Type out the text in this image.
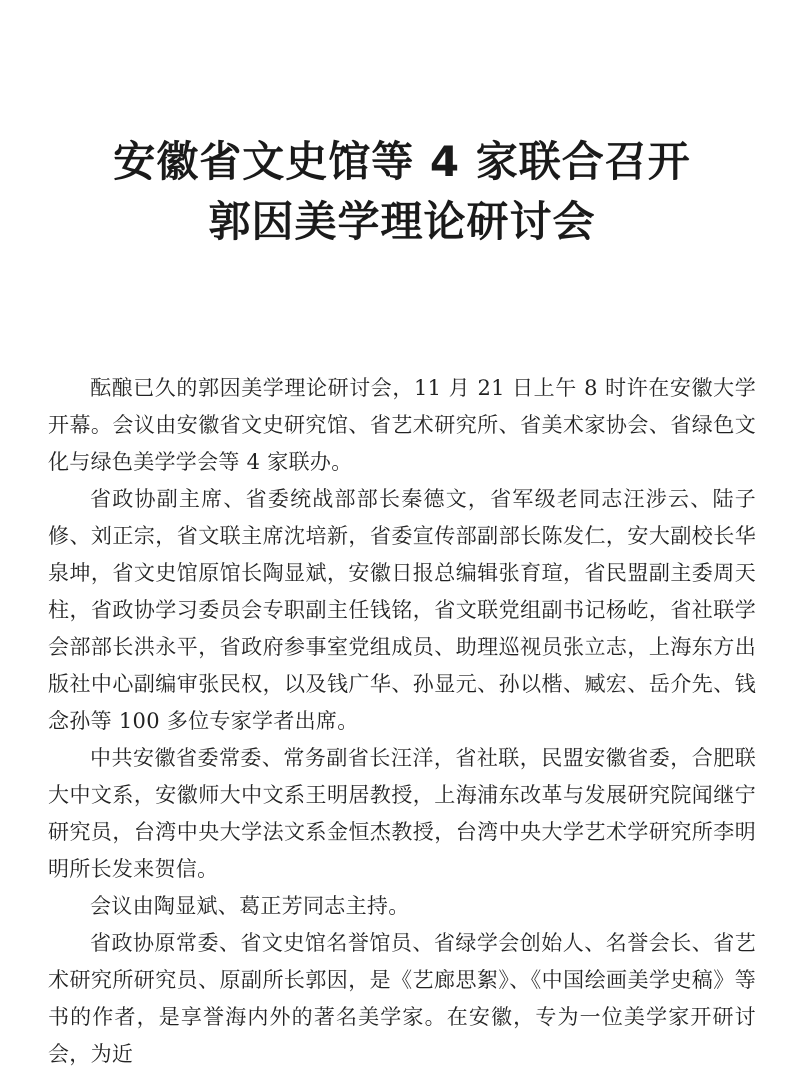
安徽省文史馆等 4 家联合召开
郭因美学理论研讨会

酝酿已久的郭因美学理论研讨会，11 月 21 日上午 8 时许在安徽大学开幕。会议由安徽省文史研究馆、省艺术研究所、省美术家协会、省绿色文化与绿色美学学会等 4 家联办。

省政协副主席、省委统战部部长秦德文，省军级老同志汪涉云、陆子修、刘正宗，省文联主席沈培新，省委宣传部副部长陈发仁，安大副校长华泉坤，省文史馆原馆长陶显斌，安徽日报总编辑张育瑄，省民盟副主委周天柱，省政协学习委员会专职副主任钱铭，省文联党组副书记杨屹，省社联学会部部长洪永平，省政府参事室党组成员、助理巡视员张立志，上海东方出版社中心副编审张民权，以及钱广华、孙显元、孙以楷、臧宏、岳介先、钱念孙等 100 多位专家学者出席。

中共安徽省委常委、常务副省长汪洋，省社联，民盟安徽省委，合肥联大中文系，安徽师大中文系王明居教授，上海浦东改革与发展研究院闻继宁研究员，台湾中央大学法文系金恒杰教授，台湾中央大学艺术学研究所李明明所长发来贺信。

会议由陶显斌、葛正芳同志主持。

省政协原常委、省文史馆名誉馆员、省绿学会创始人、名誉会长、省艺术研究所研究员、原副所长郭因，是《艺廊思絮》、《中国绘画美学史稿》等书的作者，是享誉海内外的著名美学家。在安徽，专为一位美学家开研讨会，为近
